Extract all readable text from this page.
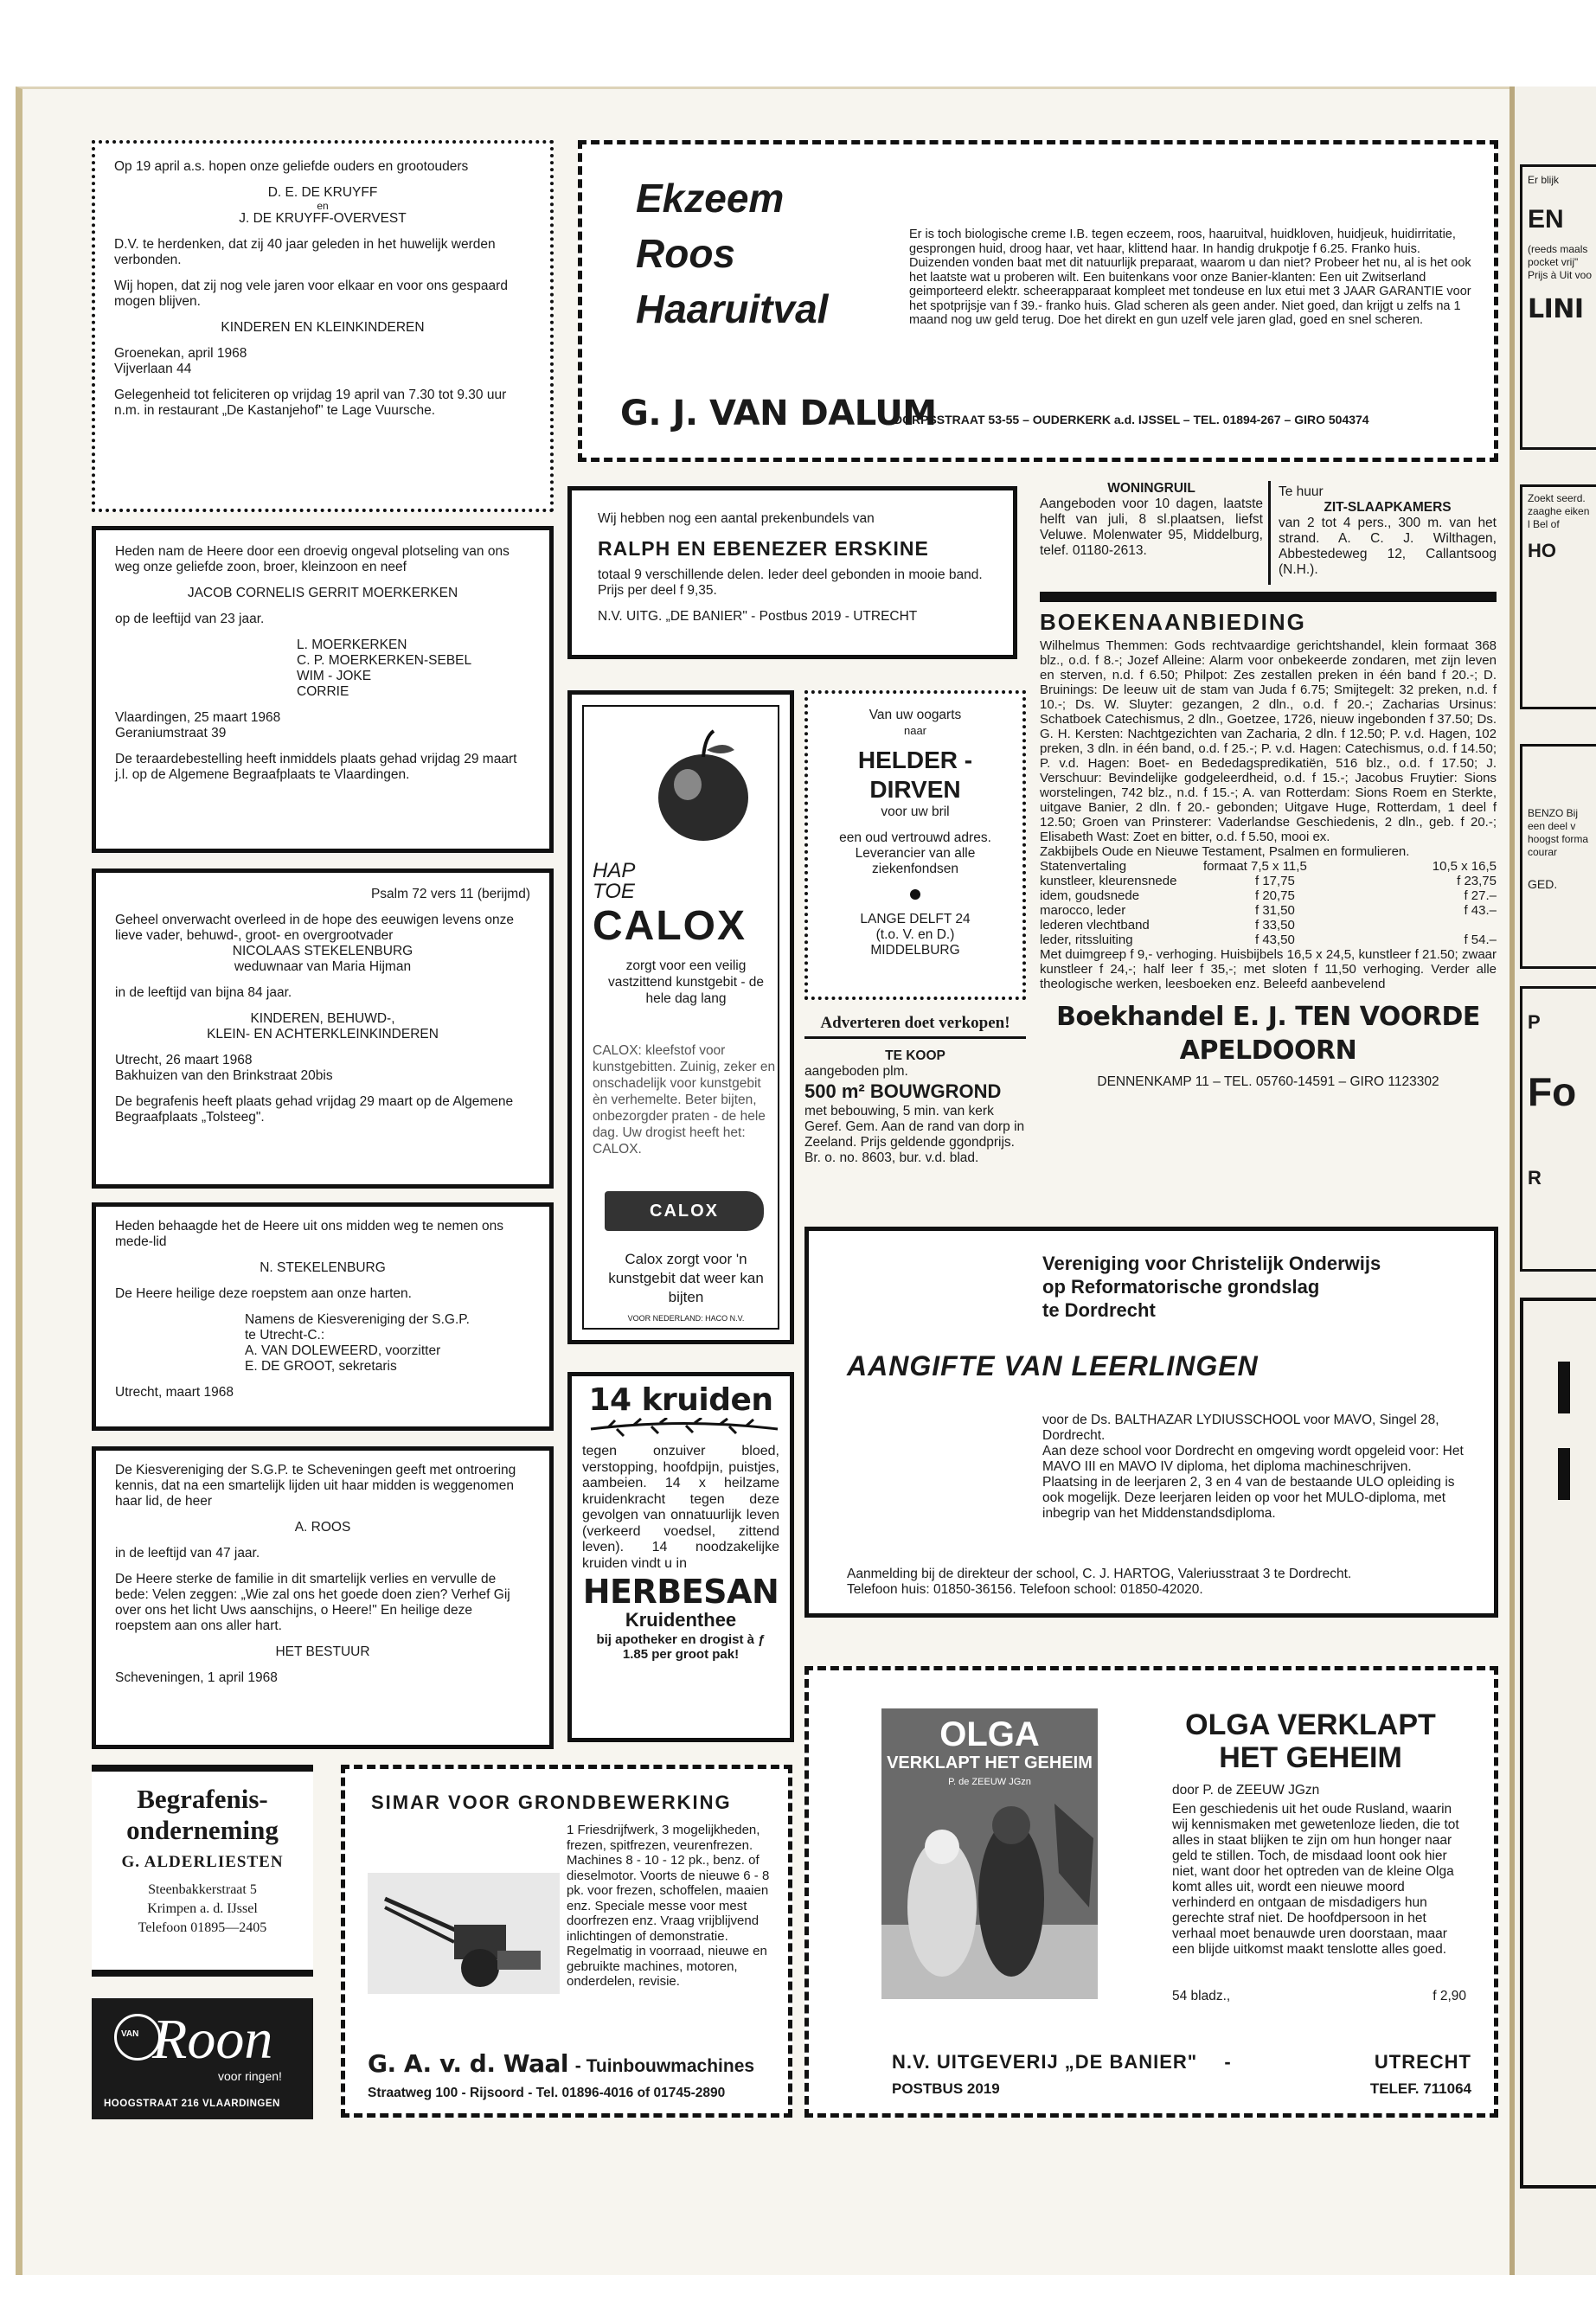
Er blijk
EN
(reeds maals pocket vrij" Prijs à Uit voo
LINI
Zoekt seerd. zaaghe eiken l Bel of
HO
BENZO Bij een deel v hoogst forma courar
GED.
P
Fo
R
Op 19 april a.s. hopen onze geliefde ouders en grootouders
D. E. DE KRUYFF
en
J. DE KRUYFF-OVERVEST
D.V. te herdenken, dat zij 40 jaar geleden in het huwelijk werden verbonden.
Wij hopen, dat zij nog vele jaren voor elkaar en voor ons gespaard mogen blijven.
KINDEREN EN KLEINKINDEREN
Groenekan, april 1968
Vijverlaan 44
Gelegenheid tot feliciteren op vrijdag 19 april van 7.30 tot 9.30 uur n.m. in restaurant „De Kastanjehof" te Lage Vuursche.
Ekzeem
Roos
Haaruitval
Er is toch biologische creme I.B. tegen eczeem, roos, haaruitval, huidkloven, huidjeuk, huidirritatie, gesprongen huid, droog haar, vet haar, klittend haar. In handig drukpotje f 6.25. Franko huis. Duizenden vonden baat met dit natuurlijk preparaat, waarom u dan niet? Probeer het nu, al is het ook het laatste wat u proberen wilt. Een buitenkans voor onze Banier-klanten: Een uit Zwitserland geimporteerd elektr. scheerapparaat kompleet met tondeuse en lux etui met 3 JAAR GARANTIE voor het spotprijsje van f 39.- franko huis. Glad scheren als geen ander. Niet goed, dan krijgt u zelfs na 1 maand nog uw geld terug. Doe het direkt en gun uzelf vele jaren glad, goed en snel scheren.
G. J. VAN DALUM
DORPSSTRAAT 53-55 – OUDERKERK a.d. IJSSEL – TEL. 01894-267 – GIRO 504374
Heden nam de Heere door een droevig ongeval plotseling van ons weg onze geliefde zoon, broer, kleinzoon en neef
JACOB CORNELIS GERRIT MOERKERKEN
op de leeftijd van 23 jaar.
L. MOERKERKEN
C. P. MOERKERKEN-SEBEL
WIM - JOKE
CORRIE
Vlaardingen, 25 maart 1968
Geraniumstraat 39
De teraardebestelling heeft inmiddels plaats gehad vrijdag 29 maart j.l. op de Algemene Begraafplaats te Vlaardingen.
Psalm 72 vers 11 (berijmd)
Geheel onverwacht overleed in de hope des eeuwigen levens onze lieve vader, behuwd-, groot- en overgrootvader
NICOLAAS STEKELENBURG
weduwnaar van Maria Hijman
in de leeftijd van bijna 84 jaar.
KINDEREN, BEHUWD-,
KLEIN- EN ACHTERKLEINKINDEREN
Utrecht, 26 maart 1968
Bakhuizen van den Brinkstraat 20bis
De begrafenis heeft plaats gehad vrijdag 29 maart op de Algemene Begraafplaats „Tolsteeg".
Heden behaagde het de Heere uit ons midden weg te nemen ons mede-lid
N. STEKELENBURG
De Heere heilige deze roepstem aan onze harten.
Namens de Kiesvereniging der S.G.P.
te Utrecht-C.:
A. VAN DOLEWEERD, voorzitter
E. DE GROOT, sekretaris
Utrecht, maart 1968
De Kiesvereniging der S.G.P. te Scheveningen geeft met ontroering kennis, dat na een smartelijk lijden uit haar midden is weggenomen haar lid, de heer
A. ROOS
in de leeftijd van 47 jaar.
De Heere sterke de familie in dit smartelijk verlies en vervulle de bede: Velen zeggen: „Wie zal ons het goede doen zien? Verhef Gij over ons het licht Uws aanschijns, o Heere!" En heilige deze roepstem aan ons aller hart.
HET BESTUUR
Scheveningen, 1 april 1968
Begrafenis-
onderneming
G. ALDERLIESTEN
Steenbakkerstraat 5
Krimpen a. d. IJssel
Telefoon 01895—2405
VAN Roon
voor ringen!
HOOGSTRAAT 216 VLAARDINGEN
Wij hebben nog een aantal prekenbundels van
RALPH EN EBENEZER ERSKINE
totaal 9 verschillende delen. Ieder deel gebonden in mooie band. Prijs per deel f 9,35.
N.V. UITG. „DE BANIER" - Postbus 2019 - UTRECHT
HAP
TOE
CALOX
zorgt voor een veilig vastzittend kunstgebit - de hele dag lang
CALOX: kleefstof voor kunstgebitten. Zuinig, zeker en onschadelijk voor kunstgebit èn verhemelte. Beter bijten, onbezorgder praten - de hele dag. Uw drogist heeft het: CALOX.
CALOX
Calox zorgt voor 'n kunstgebit dat weer kan bijten
VOOR NEDERLAND: HACO N.V.
14 kruiden
tegen onzuiver bloed, verstopping, hoofdpijn, puistjes, aambeien. 14 x heilzame kruidenkracht tegen deze gevolgen van onnatuurlijk leven (verkeerd voedsel, zittend leven). 14 noodzakelijke kruiden vindt u in
HERBESAN
Kruidenthee
bij apotheker en drogist à ƒ 1.85 per groot pak!
Van uw oogarts
naar
HELDER -
DIRVEN
voor uw bril
een oud vertrouwd adres. Leverancier van alle ziekenfondsen
LANGE DELFT 24
(t.o. V. en D.)
MIDDELBURG
Adverteren doet verkopen!
TE KOOP
aangeboden plm.
500 m² BOUWGROND
met bebouwing, 5 min. van kerk Geref. Gem. Aan de rand van dorp in Zeeland. Prijs geldende ggondprijs. Br. o. no. 8603, bur. v.d. blad.
WONINGRUIL
Aangeboden voor 10 dagen, laatste helft van juli, 8 sl.plaatsen, liefst Veluwe. Molenwater 95, Middelburg, telef. 01180-2613.
Te huur
ZIT-SLAAPKAMERS
van 2 tot 4 pers., 300 m. van het strand. A. C. J. Wilthagen, Abbestedeweg 12, Callantsoog (N.H.).
BOEKENAANBIEDING
Wilhelmus Themmen: Gods rechtvaardige gerichtshandel, klein formaat 368 blz., o.d. f 8.-; Jozef Alleine: Alarm voor onbekeerde zondaren, met zijn leven en sterven, n.d. f 6.50; Philpot: Zes zestallen preken in één band f 20.-; D. Bruinings: De leeuw uit de stam van Juda f 6.75; Smijtegelt: 32 preken, n.d. f 10.-; Ds. W. Sluyter: gezangen, 2 dln., o.d. f 20.-; Zacharias Ursinus: Schatboek Catechismus, 2 dln., Goetzee, 1726, nieuw ingebonden f 37.50; Ds. G. H. Kersten: Nachtgezichten van Zacharia, 2 dln. f 12.50; P. v.d. Hagen, 102 preken, 3 dln. in één band, o.d. f 25.-; P. v.d. Hagen: Catechismus, o.d. f 14.50; P. v.d. Hagen: Boet- en Bededagspredikatiën, 516 blz., o.d. f 17.50; J. Verschuur: Bevindelijke godgeleerdheid, o.d. f 15.-; Jacobus Fruytier: Sions worstelingen, 742 blz., n.d. f 15.-; A. van Rotterdam: Sions Roem en Sterkte, uitgave Banier, 2 dln. f 20.- gebonden; Uitgave Huge, Rotterdam, 1 deel f 12.50; Groen van Prinsterer: Vaderlandse Geschiedenis, 2 dln., geb. f 20.-; Elisabeth Wast: Zoet en bitter, o.d. f 5.50, mooi ex.
Zakbijbels Oude en Nieuwe Testament, Psalmen en formulieren.
Statenvertaling	formaat 7,5 x 11,5	10,5 x 16,5
kunstleer, kleurensnede	f 17,75	f 23,75
idem, goudsnede	f 20,75	f 27.–
marocco, leder	f 31,50	f 43.–
lederen vlechtband	f 33,50
leder, ritssluiting	f 43,50	f 54.–
Met duimgreep f 9,- verhoging. Huisbijbels 16,5 x 24,5, kunstleer f 21.50; zwaar kunstleer f 24,-; half leer f 35,-; met sloten f 11,50 verhoging. Verder alle theologische werken, leesboeken enz. Beleefd aanbevelend
Boekhandel E. J. TEN VOORDE
APELDOORN
DENNENKAMP 11 – TEL. 05760-14591 – GIRO 1123302
Vereniging voor Christelijk Onderwijs
op Reformatorische grondslag
te Dordrecht
AANGIFTE VAN LEERLINGEN
voor de Ds. BALTHAZAR LYDIUSSCHOOL voor MAVO, Singel 28, Dordrecht.
Aan deze school voor Dordrecht en omgeving wordt opgeleid voor: Het MAVO III en MAVO IV diploma, het diploma machineschrijven.
Plaatsing in de leerjaren 2, 3 en 4 van de bestaande ULO opleiding is ook mogelijk. Deze leerjaren leiden op voor het MULO-diploma, met inbegrip van het Middenstandsdiploma.
Aanmelding bij de direkteur der school, C. J. HARTOG, Valeriusstraat 3 te Dordrecht.
Telefoon huis: 01850-36156. Telefoon school: 01850-42020.
SIMAR VOOR GRONDBEWERKING
1 Friesdrijfwerk, 3 mogelijkheden, frezen, spitfrezen, veurenfrezen. Machines 8 - 10 - 12 pk., benz. of dieselmotor. Voorts de nieuwe 6 - 8 pk. voor frezen, schoffelen, maaien enz. Speciale messe voor mest doorfrezen enz. Vraag vrijblijvend inlichtingen of demonstratie. Regelmatig in voorraad, nieuwe en gebruikte machines, motoren, onderdelen, revisie.
G. A. v. d. Waal - Tuinbouwmachines
Straatweg 100 - Rijsoord - Tel. 01896-4016 of 01745-2890
OLGA
VERKLAPT HET GEHEIM
P. de ZEEUW JGzn
OLGA VERKLAPT
HET GEHEIM
door P. de ZEEUW JGzn
Een geschiedenis uit het oude Rusland, waarin wij kennismaken met gewetenloze lieden, die tot alles in staat blijken te zijn om hun honger naar geld te stillen. Toch, de misdaad loont ook hier niet, want door het optreden van de kleine Olga komt alles uit, wordt een nieuwe moord verhinderd en ontgaan de misdadigers hun gerechte straf niet. De hoofdpersoon in het verhaal moet benauwde uren doorstaan, maar een blijde uitkomst maakt tenslotte alles goed.
54 bladz.,	f 2,90
N.V. UITGEVERIJ „DE BANIER" -	UTRECHT
POSTBUS 2019	TELEF. 711064
